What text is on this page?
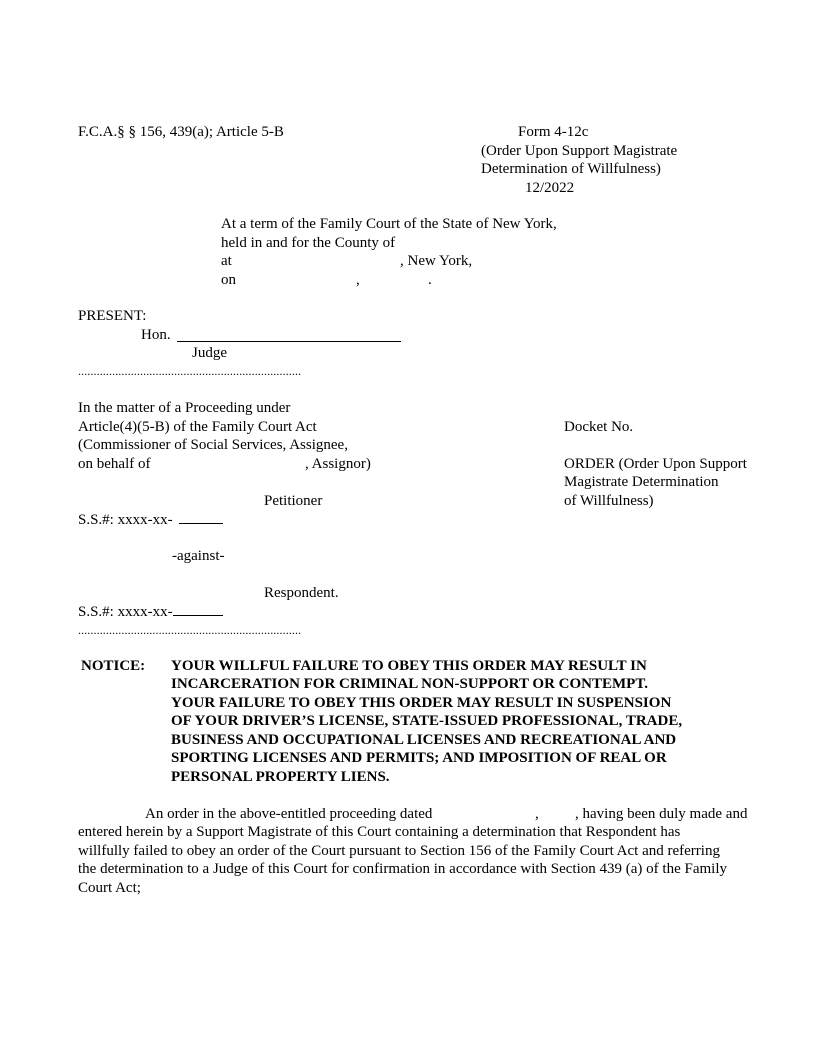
F.C.A.§ § 156, 439(a); Article 5-B	Form 4-12c
(Order Upon Support Magistrate
Determination of Willfulness)
12/2022
At a term of the Family Court of the State of New York,
held in and for the County of
at	, New York,
on	,	.
PRESENT:
Hon.
Judge
........................................................................
In the matter of a Proceeding under
Article(4)(5-B) of the Family Court Act
(Commissioner of Social Services, Assignee,
on behalf of	, Assignor)
Petitioner
S.S.#: xxxx-xx-
-against-
Respondent.
S.S.#: xxxx-xx-
........................................................................
Docket No.
ORDER (Order Upon Support
Magistrate Determination
of Willfulness)
NOTICE: YOUR WILLFUL FAILURE TO OBEY THIS ORDER MAY RESULT IN
INCARCERATION FOR CRIMINAL NON-SUPPORT OR CONTEMPT.
YOUR FAILURE TO OBEY THIS ORDER MAY RESULT IN SUSPENSION
OF YOUR DRIVER’S LICENSE, STATE-ISSUED PROFESSIONAL, TRADE,
BUSINESS AND OCCUPATIONAL LICENSES AND RECREATIONAL AND
SPORTING LICENSES AND PERMITS; AND IMPOSITION OF REAL OR
PERSONAL PROPERTY LIENS.
An order in the above-entitled proceeding dated	, , having been duly made and
entered herein by a Support Magistrate of this Court containing a determination that Respondent has
willfully failed to obey an order of the Court pursuant to Section 156 of the Family Court Act and referring
the determination to a Judge of this Court for confirmation in accordance with Section 439 (a) of the Family
Court Act;
